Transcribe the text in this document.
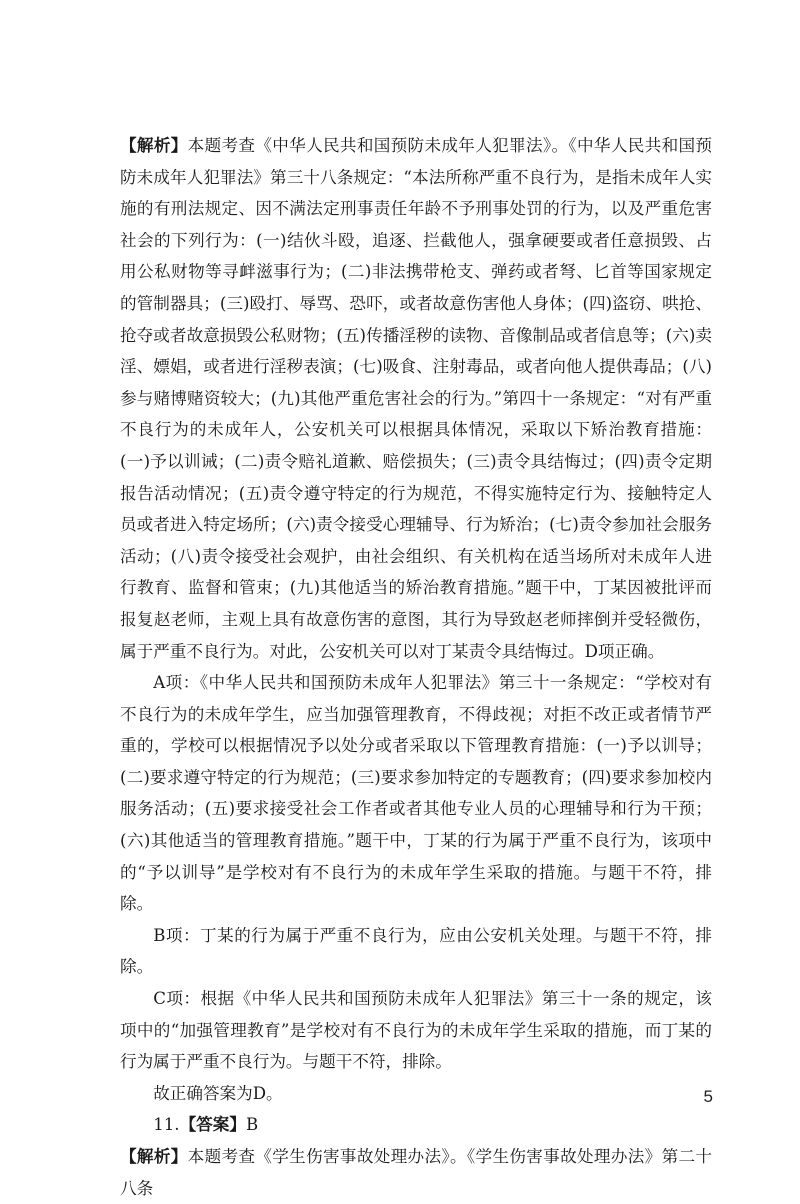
【解析】本题考查《中华人民共和国预防未成年人犯罪法》。《中华人民共和国预防未成年人犯罪法》第三十八条规定：“本法所称严重不良行为，是指未成年人实施的有刑法规定、因不满法定刑事责任年龄不予刑事处罚的行为，以及严重危害社会的下列行为：(一)结伙斗殴，追逐、拦截他人，强拿硬要或者任意损毁、占用公私财物等寻衅滋事行为；(二)非法携带枪支、弹药或者弩、匕首等国家规定的管制器具；(三)殴打、辱骂、恐吓，或者故意伤害他人身体；(四)盗窃、哄抢、抢夺或者故意损毁公私财物；(五)传播淫秽的读物、音像制品或者信息等；(六)卖淫、嫖娼，或者进行淫秽表演；(七)吸食、注射毒品，或者向他人提供毒品；(八)参与赌博赌资较大；(九)其他严重危害社会的行为。”第四十一条规定：“对有严重不良行为的未成年人，公安机关可以根据具体情况，采取以下矫治教育措施：(一)予以训诫；(二)责令赔礼道歉、赔偿损失；(三)责令具结悔过；(四)责令定期报告活动情况；(五)责令遵守特定的行为规范，不得实施特定行为、接触特定人员或者进入特定场所；(六)责令接受心理辅导、行为矫治；(七)责令参加社会服务活动；(八)责令接受社会观护，由社会组织、有关机构在适当场所对未成年人进行教育、监督和管束；(九)其他适当的矫治教育措施。”题干中，丁某因被批评而报复赵老师，主观上具有故意伤害的意图，其行为导致赵老师摔倒并受轻微伤，属于严重不良行为。对此，公安机关可以对丁某责令具结悔过。D项正确。

A项：《中华人民共和国预防未成年人犯罪法》第三十一条规定：“学校对有不良行为的未成年学生，应当加强管理教育，不得歧视；对拒不改正或者情节严重的，学校可以根据情况予以处分或者采取以下管理教育措施：(一)予以训导；(二)要求遵守特定的行为规范；(三)要求参加特定的专题教育；(四)要求参加校内服务活动；(五)要求接受社会工作者或者其他专业人员的心理辅导和行为干预；(六)其他适当的管理教育措施。”题干中，丁某的行为属于严重不良行为，该项中的“予以训导”是学校对有不良行为的未成年学生采取的措施。与题干不符，排除。

B项：丁某的行为属于严重不良行为，应由公安机关处理。与题干不符，排除。

C项：根据《中华人民共和国预防未成年人犯罪法》第三十一条的规定，该项中的“加强管理教育”是学校对有不良行为的未成年学生采取的措施，而丁某的行为属于严重不良行为。与题干不符，排除。

故正确答案为D。

11.【答案】B

【解析】本题考查《学生伤害事故处理办法》。《学生伤害事故处理办法》第二十八条

5
